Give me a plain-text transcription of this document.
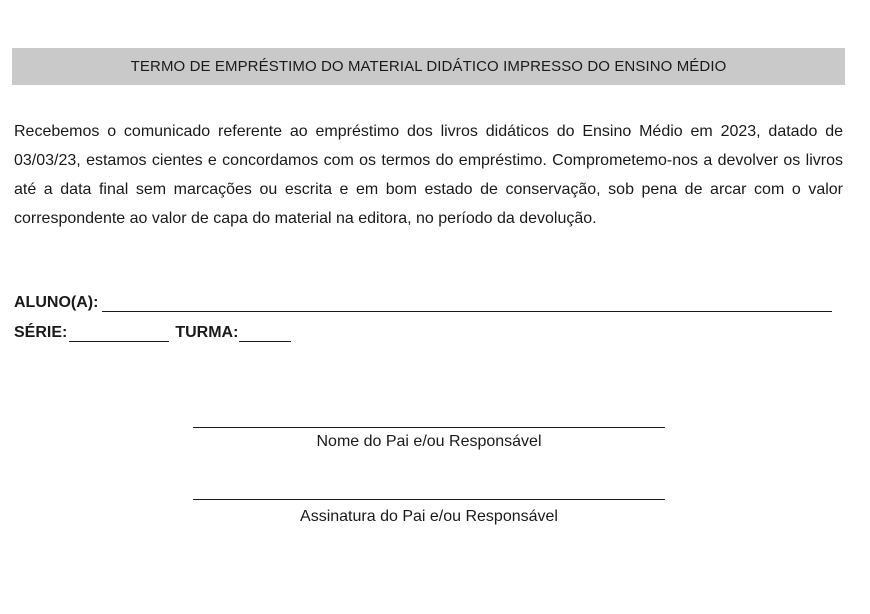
TERMO DE EMPRÉSTIMO DO MATERIAL DIDÁTICO IMPRESSO DO ENSINO MÉDIO

Recebemos o comunicado referente ao empréstimo dos livros didáticos do Ensino Médio em 2023, datado de 03/03/23, estamos cientes e concordamos com os termos do empréstimo. Comprometemo-nos a devolver os livros até a data final sem marcações ou escrita e em bom estado de conservação, sob pena de arcar com o valor correspondente ao valor de capa do material na editora, no período da devolução.

ALUNO(A):
SÉRIE:	TURMA:
Nome do Pai e/ou Responsável
Assinatura do Pai e/ou Responsável
